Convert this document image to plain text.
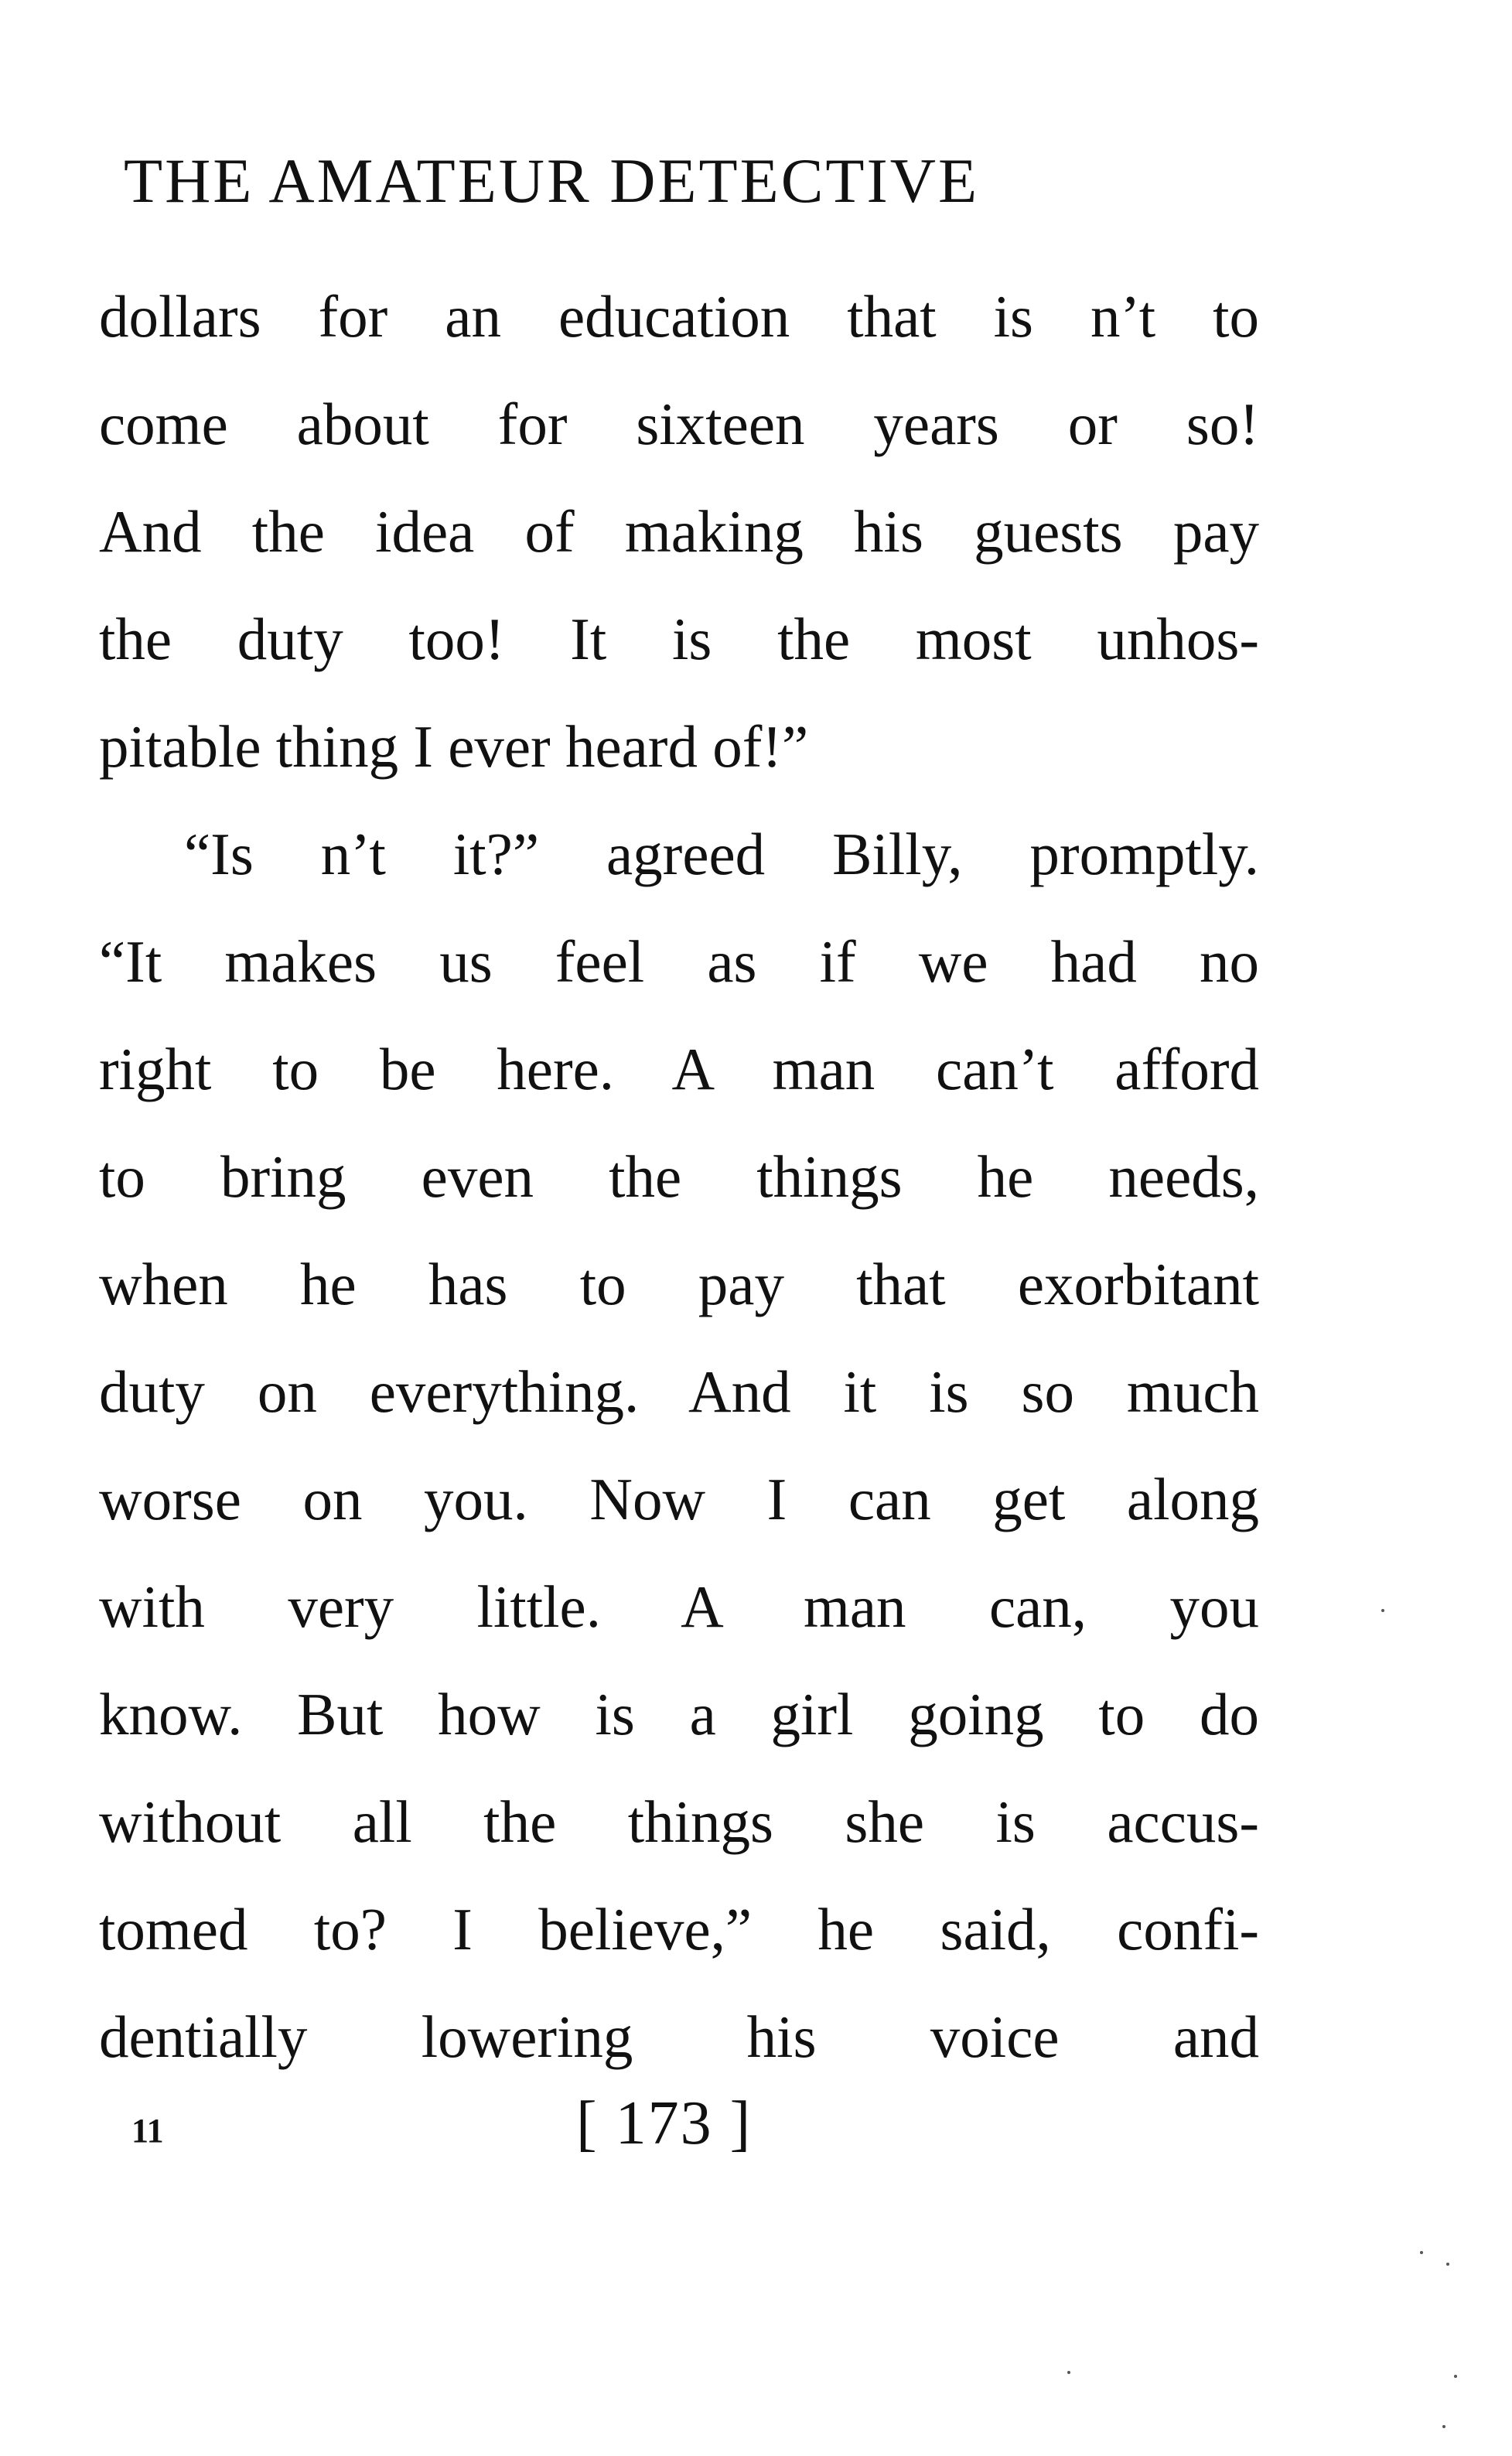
THE AMATEUR DETECTIVE
dollars for an education that is n’t to
come about for sixteen years or so!
And the idea of making his guests pay
the duty too! It is the most unhos-
pitable thing I ever heard of!”
“Is n’t it?” agreed Billy, promptly.
“It makes us feel as if we had no
right to be here. A man can’t afford
to bring even the things he needs,
when he has to pay that exorbitant
duty on everything. And it is so much
worse on you. Now I can get along
with very little. A man can, you
know. But how is a girl going to do
without all the things she is accus-
tomed to? I believe,” he said, confi-
dentially lowering his voice and
11	[ 173 ]
